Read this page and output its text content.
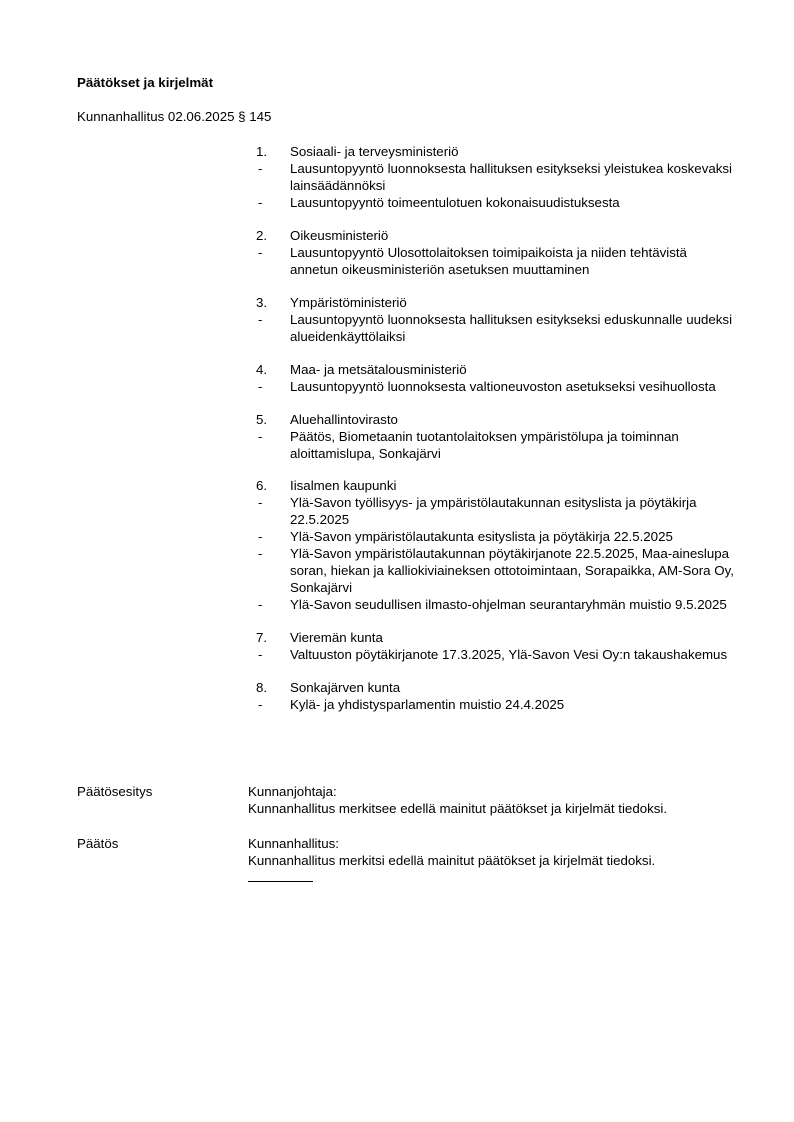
Päätökset ja kirjelmät
Kunnanhallitus 02.06.2025 § 145
1.	Sosiaali- ja terveysministeriö
-	Lausuntopyyntö luonnoksesta hallituksen esitykseksi yleistukea koskevaksi lainsäädännöksi
-	Lausuntopyyntö toimeentulotuen kokonaisuudistuksesta
2.	Oikeusministeriö
-	Lausuntopyyntö Ulosottolaitoksen toimipaikoista ja niiden tehtävistä annetun oikeusministeriön asetuksen muuttaminen
3.	Ympäristöministeriö
-	Lausuntopyyntö luonnoksesta hallituksen esitykseksi eduskunnalle uudeksi alueidenkäyttölaiksi
4.	Maa- ja metsätalousministeriö
-	Lausuntopyyntö luonnoksesta valtioneuvoston asetukseksi vesihuollosta
5.	Aluehallintovirasto
-	Päätös, Biometaanin tuotantolaitoksen ympäristölupa ja toiminnan aloittamislupa, Sonkajärvi
6.	Iisalmen kaupunki
-	Ylä-Savon työllisyys- ja ympäristölautakunnan esityslista ja pöytäkirja 22.5.2025
-	Ylä-Savon ympäristölautakunta esityslista ja pöytäkirja 22.5.2025
-	Ylä-Savon ympäristölautakunnan pöytäkirjanote 22.5.2025, Maa-aineslupa soran, hiekan ja kalliokiviaineksen ottotoimintaan, Sorapaikka, AM-Sora Oy, Sonkajärvi
-	Ylä-Savon seudullisen ilmasto-ohjelman seurantaryhmän muistio 9.5.2025
7.	Vieremän kunta
-	Valtuuston pöytäkirjanote 17.3.2025, Ylä-Savon Vesi Oy:n takaushakemus
8.	Sonkajärven kunta
-	Kylä- ja yhdistysparlamentin muistio 24.4.2025
Päätösesitys	Kunnanjohtaja:
Kunnanhallitus merkitsee edellä mainitut päätökset ja kirjelmät tiedoksi.
Päätös	Kunnanhallitus:
Kunnanhallitus merkitsi edellä mainitut päätökset ja kirjelmät tiedoksi.
